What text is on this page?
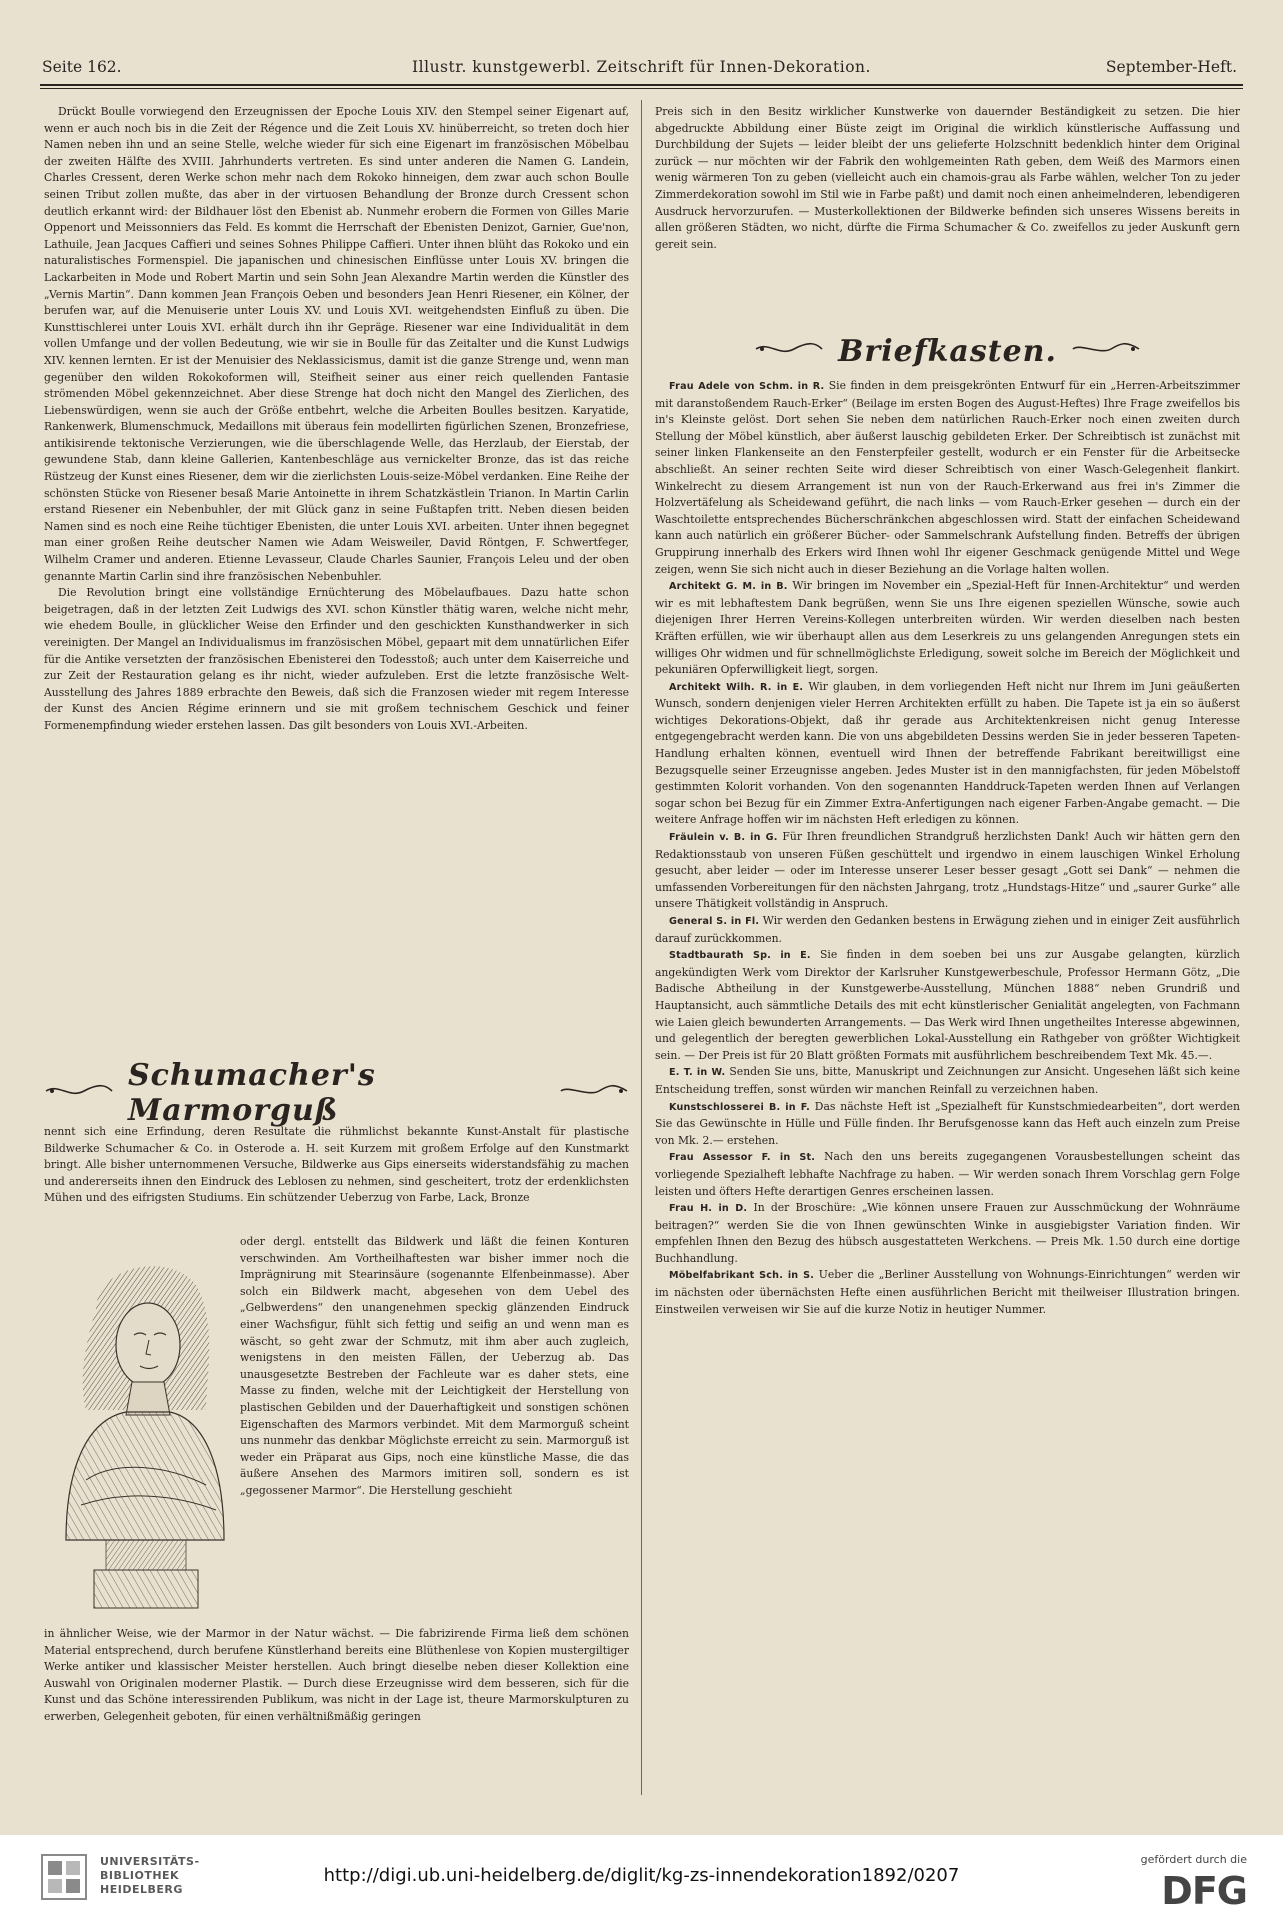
Seite 162.	Illustr. kunstgewerbl. Zeitschrift für Innen-Dekoration.	September-Heft.

Drückt Boulle vorwiegend den Erzeugnissen der Epoche Louis XIV. den Stempel seiner Eigenart auf, wenn er auch noch bis in die Zeit der Régence und die Zeit Louis XV. hinüberreicht, so treten doch hier Namen neben ihn und an seine Stelle, welche wieder für sich eine Eigenart im französischen Möbelbau der zweiten Hälfte des XVIII. Jahrhunderts vertreten. Es sind unter anderen die Namen G. Landein, Charles Cressent, deren Werke schon mehr nach dem Rokoko hinneigen, dem zwar auch schon Boulle seinen Tribut zollen mußte, das aber in der virtuosen Behandlung der Bronze durch Cressent schon deutlich erkannt wird: der Bildhauer löst den Ebenist ab. Nunmehr erobern die Formen von Gilles Marie Oppenort und Meissonniers das Feld. Es kommt die Herrschaft der Ebenisten Denizot, Garnier, Gue'non, Lathuile, Jean Jacques Caffieri und seines Sohnes Philippe Caffieri. Unter ihnen blüht das Rokoko und ein naturalistisches Formenspiel. Die japanischen und chinesischen Einflüsse unter Louis XV. bringen die Lackarbeiten in Mode und Robert Martin und sein Sohn Jean Alexandre Martin werden die Künstler des „Vernis Martin“. Dann kommen Jean François Oeben und besonders Jean Henri Riesener, ein Kölner, der berufen war, auf die Menuiserie unter Louis XV. und Louis XVI. weitgehendsten Einfluß zu üben. Die Kunsttischlerei unter Louis XVI. erhält durch ihn ihr Gepräge. Riesener war eine Individualität in dem vollen Umfange und der vollen Bedeutung, wie wir sie in Boulle für das Zeitalter und die Kunst Ludwigs XIV. kennen lernten. Er ist der Menuisier des Neklassicismus, damit ist die ganze Strenge und, wenn man gegenüber den wilden Rokokoformen will, Steifheit seiner aus einer reich quellenden Fantasie strömenden Möbel gekennzeichnet. Aber diese Strenge hat doch nicht den Mangel des Zierlichen, des Liebenswürdigen, wenn sie auch der Größe entbehrt, welche die Arbeiten Boulles besitzen. Karyatide, Rankenwerk, Blumenschmuck, Medaillons mit überaus fein modellirten figürlichen Szenen, Bronzefriese, antikisirende tektonische Verzierungen, wie die überschlagende Welle, das Herzlaub, der Eierstab, der gewundene Stab, dann kleine Gallerien, Kantenbeschläge aus vernickelter Bronze, das ist das reiche Rüstzeug der Kunst eines Riesener, dem wir die zierlichsten Louis-seize-Möbel verdanken. Eine Reihe der schönsten Stücke von Riesener besaß Marie Antoinette in ihrem Schatzkästlein Trianon. In Martin Carlin erstand Riesener ein Nebenbuhler, der mit Glück ganz in seine Fußtapfen tritt. Neben diesen beiden Namen sind es noch eine Reihe tüchtiger Ebenisten, die unter Louis XVI. arbeiten. Unter ihnen begegnet man einer großen Reihe deutscher Namen wie Adam Weisweiler, David Röntgen, F. Schwertfeger, Wilhelm Cramer und anderen. Etienne Levasseur, Claude Charles Saunier, François Leleu und der oben genannte Martin Carlin sind ihre französischen Nebenbuhler.

Die Revolution bringt eine vollständige Ernüchterung des Möbelaufbaues. Dazu hatte schon beigetragen, daß in der letzten Zeit Ludwigs des XVI. schon Künstler thätig waren, welche nicht mehr, wie ehedem Boulle, in glücklicher Weise den Erfinder und den geschickten Kunsthandwerker in sich vereinigten. Der Mangel an Individualismus im französischen Möbel, gepaart mit dem unnatürlichen Eifer für die Antike versetzten der französischen Ebenisterei den Todesstoß; auch unter dem Kaiserreiche und zur Zeit der Restauration gelang es ihr nicht, wieder aufzuleben. Erst die letzte französische Welt-Ausstellung des Jahres 1889 erbrachte den Beweis, daß sich die Franzosen wieder mit regem Interesse der Kunst des Ancien Régime erinnern und sie mit großem technischem Geschick und feiner Formenempfindung wieder erstehen lassen. Das gilt besonders von Louis XVI.-Arbeiten.

Schumacher's Marmorguß

nennt sich eine Erfindung, deren Resultate die rühmlichst bekannte Kunst-Anstalt für plastische Bildwerke Schumacher & Co. in Osterode a. H. seit Kurzem mit großem Erfolge auf den Kunstmarkt bringt. Alle bisher unternommenen Versuche, Bildwerke aus Gips einerseits widerstandsfähig zu machen und andererseits ihnen den Eindruck des Leblosen zu nehmen, sind gescheitert, trotz der erdenklichsten Mühen und des eifrigsten Studiums. Ein schützender Ueberzug von Farbe, Lack, Bronze

oder dergl. entstellt das Bildwerk und läßt die feinen Konturen verschwinden. Am Vortheilhaftesten war bisher immer noch die Imprägnirung mit Stearinsäure (sogenannte Elfenbeinmasse). Aber solch ein Bildwerk macht, abgesehen von dem Uebel des „Gelbwerdens“ den unangenehmen speckig glänzenden Eindruck einer Wachsfigur, fühlt sich fettig und seifig an und wenn man es wäscht, so geht zwar der Schmutz, mit ihm aber auch zugleich, wenigstens in den meisten Fällen, der Ueberzug ab. Das unausgesetzte Bestreben der Fachleute war es daher stets, eine Masse zu finden, welche mit der Leichtigkeit der Herstellung von plastischen Gebilden und der Dauerhaftigkeit und sonstigen schönen Eigenschaften des Marmors verbindet. Mit dem Marmorguß scheint uns nunmehr das denkbar Möglichste erreicht zu sein. Marmorguß ist weder ein Präparat aus Gips, noch eine künstliche Masse, die das äußere Ansehen des Marmors imitiren soll, sondern es ist „gegossener Marmor“. Die Herstellung geschieht

in ähnlicher Weise, wie der Marmor in der Natur wächst. — Die fabrizirende Firma ließ dem schönen Material entsprechend, durch berufene Künstlerhand bereits eine Blüthenlese von Kopien mustergiltiger Werke antiker und klassischer Meister herstellen. Auch bringt dieselbe neben dieser Kollektion eine Auswahl von Originalen moderner Plastik. — Durch diese Erzeugnisse wird dem besseren, sich für die Kunst und das Schöne interessirenden Publikum, was nicht in der Lage ist, theure Marmorskulpturen zu erwerben, Gelegenheit geboten, für einen verhältnißmäßig geringen

Preis sich in den Besitz wirklicher Kunstwerke von dauernder Beständigkeit zu setzen. Die hier abgedruckte Abbildung einer Büste zeigt im Original die wirklich künstlerische Auffassung und Durchbildung der Sujets — leider bleibt der uns gelieferte Holzschnitt bedenklich hinter dem Original zurück — nur möchten wir der Fabrik den wohlgemeinten Rath geben, dem Weiß des Marmors einen wenig wärmeren Ton zu geben (vielleicht auch ein chamois-grau als Farbe wählen, welcher Ton zu jeder Zimmerdekoration sowohl im Stil wie in Farbe paßt) und damit noch einen anheimelnderen, lebendigeren Ausdruck hervorzurufen. — Musterkollektionen der Bildwerke befinden sich unseres Wissens bereits in allen größeren Städten, wo nicht, dürfte die Firma Schumacher & Co. zweifellos zu jeder Auskunft gern gereit sein.

Briefkasten.

Frau Adele von Schm. in R. Sie finden in dem preisgekrönten Entwurf für ein „Herren-Arbeitszimmer mit daranstoßendem Rauch-Erker“ (Beilage im ersten Bogen des August-Heftes) Ihre Frage zweifellos bis in's Kleinste gelöst. Dort sehen Sie neben dem natürlichen Rauch-Erker noch einen zweiten durch Stellung der Möbel künstlich, aber äußerst lauschig gebildeten Erker. Der Schreibtisch ist zunächst mit seiner linken Flankenseite an den Fensterpfeiler gestellt, wodurch er ein Fenster für die Arbeitsecke abschließt. An seiner rechten Seite wird dieser Schreibtisch von einer Wasch-Gelegenheit flankirt. Winkelrecht zu diesem Arrangement ist nun von der Rauch-Erkerwand aus frei in's Zimmer die Holzvertäfelung als Scheidewand geführt, die nach links — vom Rauch-Erker gesehen — durch ein der Waschtoilette entsprechendes Bücherschränkchen abgeschlossen wird. Statt der einfachen Scheidewand kann auch natürlich ein größerer Bücher- oder Sammelschrank Aufstellung finden. Betreffs der übrigen Gruppirung innerhalb des Erkers wird Ihnen wohl Ihr eigener Geschmack genügende Mittel und Wege zeigen, wenn Sie sich nicht auch in dieser Beziehung an die Vorlage halten wollen.

Architekt G. M. in B. Wir bringen im November ein „Spezial-Heft für Innen-Architektur“ und werden wir es mit lebhaftestem Dank begrüßen, wenn Sie uns Ihre eigenen speziellen Wünsche, sowie auch diejenigen Ihrer Herren Vereins-Kollegen unterbreiten würden. Wir werden dieselben nach besten Kräften erfüllen, wie wir überhaupt allen aus dem Leserkreis zu uns gelangenden Anregungen stets ein williges Ohr widmen und für schnellmöglichste Erledigung, soweit solche im Bereich der Möglichkeit und pekuniären Opferwilligkeit liegt, sorgen.

Architekt Wilh. R. in E. Wir glauben, in dem vorliegenden Heft nicht nur Ihrem im Juni geäußerten Wunsch, sondern denjenigen vieler Herren Architekten erfüllt zu haben. Die Tapete ist ja ein so äußerst wichtiges Dekorations-Objekt, daß ihr gerade aus Architektenkreisen nicht genug Interesse entgegengebracht werden kann. Die von uns abgebildeten Dessins werden Sie in jeder besseren Tapeten-Handlung erhalten können, eventuell wird Ihnen der betreffende Fabrikant bereitwilligst eine Bezugsquelle seiner Erzeugnisse angeben. Jedes Muster ist in den mannigfachsten, für jeden Möbelstoff gestimmten Kolorit vorhanden. Von den sogenannten Handdruck-Tapeten werden Ihnen auf Verlangen sogar schon bei Bezug für ein Zimmer Extra-Anfertigungen nach eigener Farben-Angabe gemacht. — Die weitere Anfrage hoffen wir im nächsten Heft erledigen zu können.

Fräulein v. B. in G. Für Ihren freundlichen Strandgruß herzlichsten Dank! Auch wir hätten gern den Redaktionsstaub von unseren Füßen geschüttelt und irgendwo in einem lauschigen Winkel Erholung gesucht, aber leider — oder im Interesse unserer Leser besser gesagt „Gott sei Dank“ — nehmen die umfassenden Vorbereitungen für den nächsten Jahrgang, trotz „Hundstags-Hitze“ und „saurer Gurke“ alle unsere Thätigkeit vollständig in Anspruch.

General S. in Fl. Wir werden den Gedanken bestens in Erwägung ziehen und in einiger Zeit ausführlich darauf zurückkommen.

Stadtbaurath Sp. in E. Sie finden in dem soeben bei uns zur Ausgabe gelangten, kürzlich angekündigten Werk vom Direktor der Karlsruher Kunstgewerbeschule, Professor Hermann Götz, „Die Badische Abtheilung in der Kunstgewerbe-Ausstellung, München 1888“ neben Grundriß und Hauptansicht, auch sämmtliche Details des mit echt künstlerischer Genialität angelegten, von Fachmann wie Laien gleich bewunderten Arrangements. — Das Werk wird Ihnen ungetheiltes Interesse abgewinnen, und gelegentlich der beregten gewerblichen Lokal-Ausstellung ein Rathgeber von größter Wichtigkeit sein. — Der Preis ist für 20 Blatt größten Formats mit ausführlichem beschreibendem Text Mk. 45.—.

E. T. in W. Senden Sie uns, bitte, Manuskript und Zeichnungen zur Ansicht. Ungesehen läßt sich keine Entscheidung treffen, sonst würden wir manchen Reinfall zu verzeichnen haben.

Kunstschlosserei B. in F. Das nächste Heft ist „Spezialheft für Kunstschmiedearbeiten“, dort werden Sie das Gewünschte in Hülle und Fülle finden. Ihr Berufsgenosse kann das Heft auch einzeln zum Preise von Mk. 2.— erstehen.

Frau Assessor F. in St. Nach den uns bereits zugegangenen Vorausbestellungen scheint das vorliegende Spezialheft lebhafte Nachfrage zu haben. — Wir werden sonach Ihrem Vorschlag gern Folge leisten und öfters Hefte derartigen Genres erscheinen lassen.

Frau H. in D. In der Broschüre: „Wie können unsere Frauen zur Ausschmückung der Wohnräume beitragen?“ werden Sie die von Ihnen gewünschten Winke in ausgiebigster Variation finden. Wir empfehlen Ihnen den Bezug des hübsch ausgestatteten Werkchens. — Preis Mk. 1.50 durch eine dortige Buchhandlung.

Möbelfabrikant Sch. in S. Ueber die „Berliner Ausstellung von Wohnungs-Einrichtungen“ werden wir im nächsten oder übernächsten Hefte einen ausführlichen Bericht mit theilweiser Illustration bringen. Einstweilen verweisen wir Sie auf die kurze Notiz in heutiger Nummer.

UNIVERSITÄTS-
BIBLIOTHEK
HEIDELBERG
http://digi.ub.uni-heidelberg.de/diglit/kg-zs-innendekoration1892/0207
gefördert durch die
DFG
